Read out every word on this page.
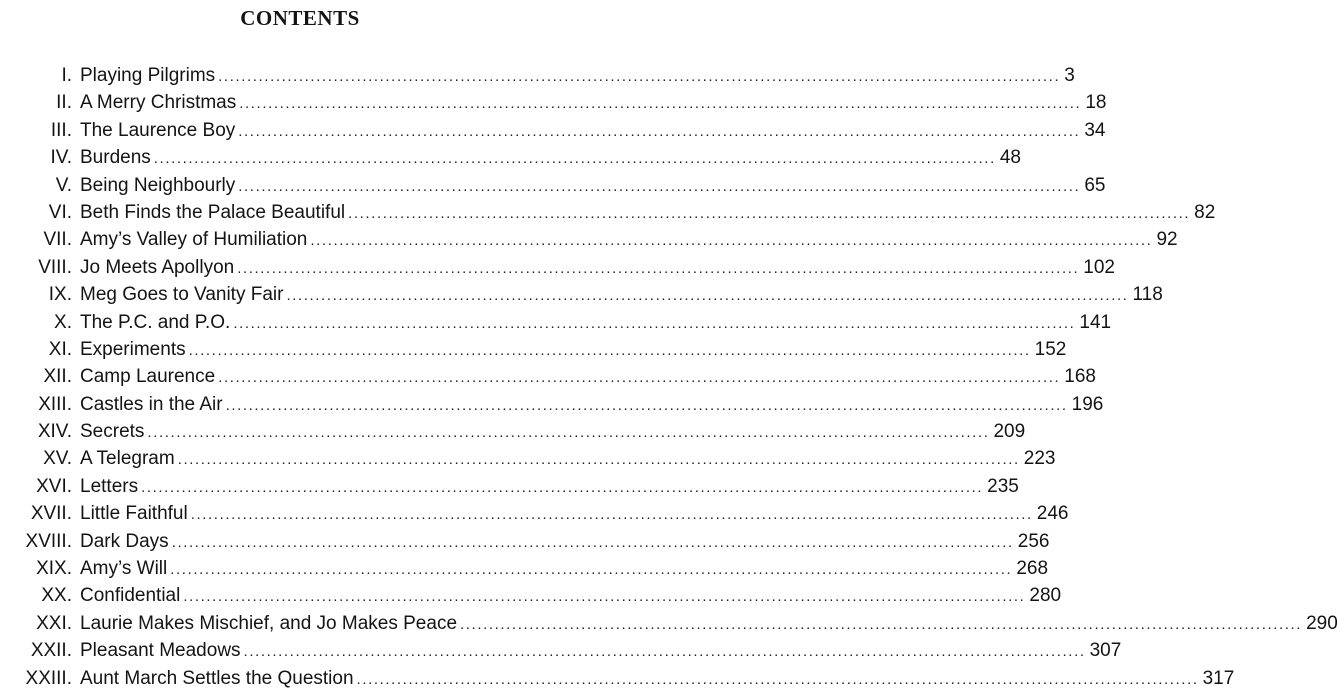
CONTENTS
I. Playing Pilgrims .................................................................................................................................................. 3
II. A Merry Christmas .................................................................................................................................................. 18
III. The Laurence Boy .................................................................................................................................................. 34
IV. Burdens .................................................................................................................................................. 48
V. Being Neighbourly .................................................................................................................................................. 65
VI. Beth Finds the Palace Beautiful .................................................................................................................................................. 82
VII. Amy’s Valley of Humiliation .................................................................................................................................................. 92
VIII. Jo Meets Apollyon .................................................................................................................................................. 102
IX. Meg Goes to Vanity Fair .................................................................................................................................................. 118
X. The P.C. and P.O. .................................................................................................................................................. 141
XI. Experiments .................................................................................................................................................. 152
XII. Camp Laurence .................................................................................................................................................. 168
XIII. Castles in the Air .................................................................................................................................................. 196
XIV. Secrets .................................................................................................................................................. 209
XV. A Telegram .................................................................................................................................................. 223
XVI. Letters .................................................................................................................................................. 235
XVII. Little Faithful .................................................................................................................................................. 246
XVIII. Dark Days .................................................................................................................................................. 256
XIX. Amy’s Will .................................................................................................................................................. 268
XX. Confidential .................................................................................................................................................. 280
XXI. Laurie Makes Mischief, and Jo Makes Peace .................................................................................................................................................. 290
XXII. Pleasant Meadows .................................................................................................................................................. 307
XXIII. Aunt March Settles the Question .................................................................................................................................................. 317
